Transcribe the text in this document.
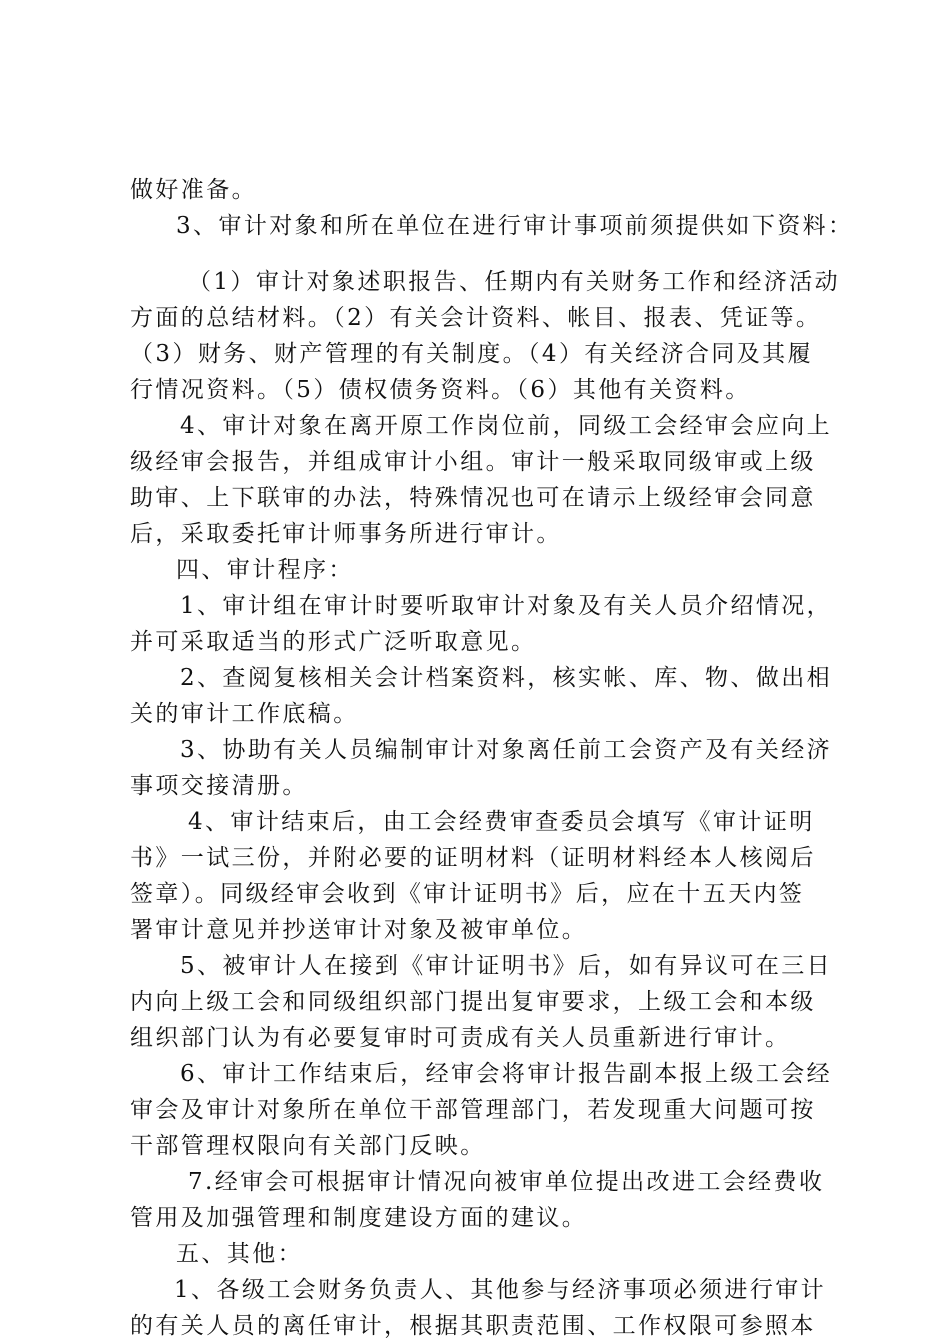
做好准备。
3、审计对象和所在单位在进行审计事项前须提供如下资料：
（1）审计对象述职报告、任期内有关财务工作和经济活动
方面的总结材料。（2）有关会计资料、帐目、报表、凭证等。
（3）财务、财产管理的有关制度。（4）有关经济合同及其履
行情况资料。（5）债权债务资料。（6）其他有关资料。
4、审计对象在离开原工作岗位前，同级工会经审会应向上
级经审会报告，并组成审计小组。审计一般采取同级审或上级
助审、上下联审的办法，特殊情况也可在请示上级经审会同意
后，采取委托审计师事务所进行审计。
四、审计程序：
1、审计组在审计时要听取审计对象及有关人员介绍情况，
并可采取适当的形式广泛听取意见。
2、查阅复核相关会计档案资料，核实帐、库、物、做出相
关的审计工作底稿。
3、协助有关人员编制审计对象离任前工会资产及有关经济
事项交接清册。
4、审计结束后，由工会经费审查委员会填写《审计证明
书》一试三份，并附必要的证明材料（证明材料经本人核阅后
签章）。同级经审会收到《审计证明书》后，应在十五天内签
署审计意见并抄送审计对象及被审单位。
5、被审计人在接到《审计证明书》后，如有异议可在三日
内向上级工会和同级组织部门提出复审要求，上级工会和本级
组织部门认为有必要复审时可责成有关人员重新进行审计。
6、审计工作结束后，经审会将审计报告副本报上级工会经
审会及审计对象所在单位干部管理部门，若发现重大问题可按
干部管理权限向有关部门反映。
7.经审会可根据审计情况向被审单位提出改进工会经费收
管用及加强管理和制度建设方面的建议。
五、其他：
1、各级工会财务负责人、其他参与经济事项必须进行审计
的有关人员的离任审计，根据其职责范围、工作权限可参照本
